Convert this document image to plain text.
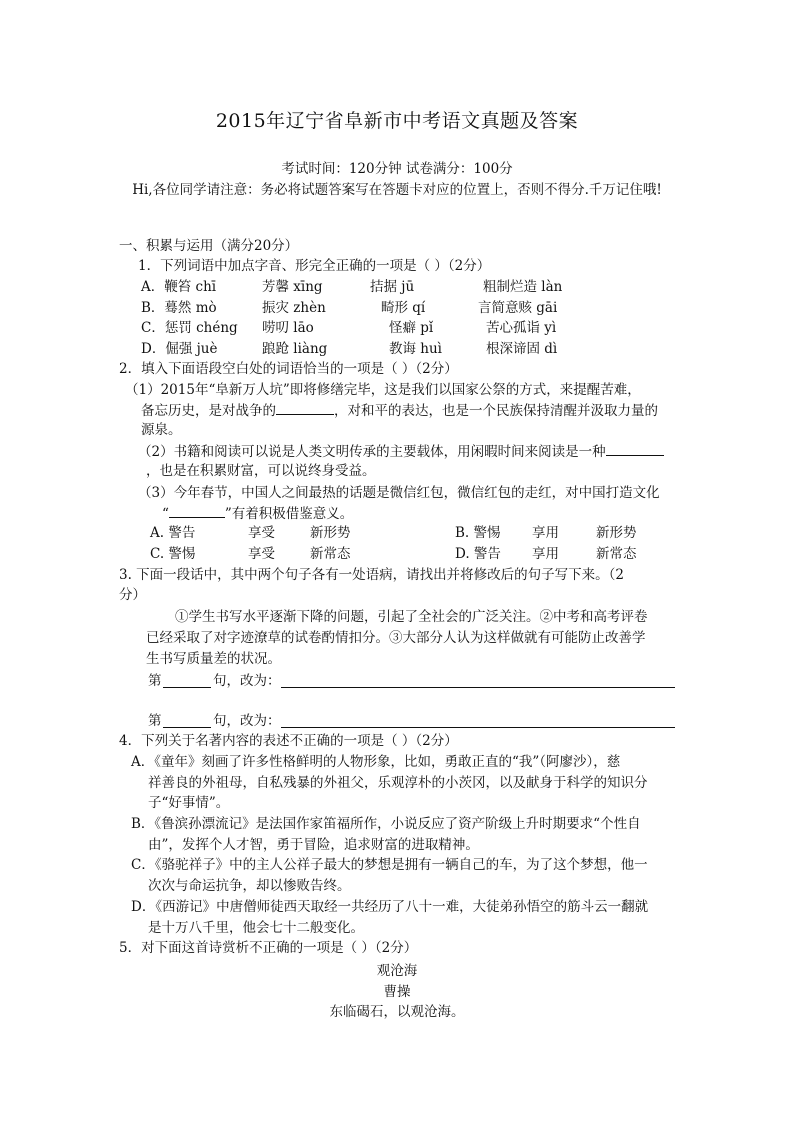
2015年辽宁省阜新市中考语文真题及答案
考试时间：120分钟 试卷满分：100分
Hi,各位同学请注意：务必将试题答案写在答题卡对应的位置上，否则不得分.千万记住哦!
一、积累与运用（满分20分）
1．下列词语中加点字音、形完全正确的一项是（ ）（2分）
A．鞭笞 chī	芳馨 xīng	拮据 jū	粗制烂造 làn
B．蓦然 mò	振灾 zhèn	畸形 qí	言简意赅 gāi
C．惩罚 chéng 唠叨 lāo	怪癖 pǐ	苦心孤诣 yì
D．倔强 juè	踉跄 liàng	教诲 huì	根深谛固 dì
2．填入下面语段空白处的词语恰当的一项是（ ）（2分）
（1）2015年“阜新万人坑”即将修缮完毕，这是我们以国家公祭的方式，来提醒苦难，
备忘历史，是对战争的	，对和平的表达，也是一个民族保持清醒并汲取力量的
源泉。
（2）书籍和阅读可以说是人类文明传承的主要载体，用闲暇时间来阅读是一种
，也是在积累财富，可以说终身受益。
（3）今年春节，中国人之间最热的话题是微信红包，微信红包的走红，对中国打造文化
“	”有着积极借鉴意义。
A. 警告	享受	新形势	B. 警惕 享用	新形势
C. 警惕	享受	新常态	D. 警告 享用	新常态
3. 下面一段话中，其中两个句子各有一处语病，请找出并将修改后的句子写下来。（2
分）
①学生书写水平逐渐下降的问题，引起了全社会的广泛关注。②中考和高考评卷
已经采取了对字迹潦草的试卷酌情扣分。③大部分人认为这样做就有可能防止改善学
生书写质量差的状况。
第	句，改为：
第	句，改为：
4．下列关于名著内容的表述不正确的一项是（ ）（2分）
A．《童年》刻画了许多性格鲜明的人物形象，比如，勇敢正直的“我”（阿廖沙），慈
祥善良的外祖母，自私残暴的外祖父，乐观淳朴的小茨冈，以及献身于科学的知识分
子“好事情”。
B．《鲁滨孙漂流记》是法国作家笛福所作，小说反应了资产阶级上升时期要求“个性自
由”，发挥个人才智，勇于冒险，追求财富的进取精神。
C．《骆驼祥子》中的主人公祥子最大的梦想是拥有一辆自己的车，为了这个梦想，他一
次次与命运抗争，却以惨败告终。
D．《西游记》中唐僧师徒西天取经一共经历了八十一难，大徒弟孙悟空的筋斗云一翻就
是十万八千里，他会七十二般变化。
5．对下面这首诗赏析不正确的一项是（ ）（2分）
观沧海
曹操
东临碣石，以观沧海。
